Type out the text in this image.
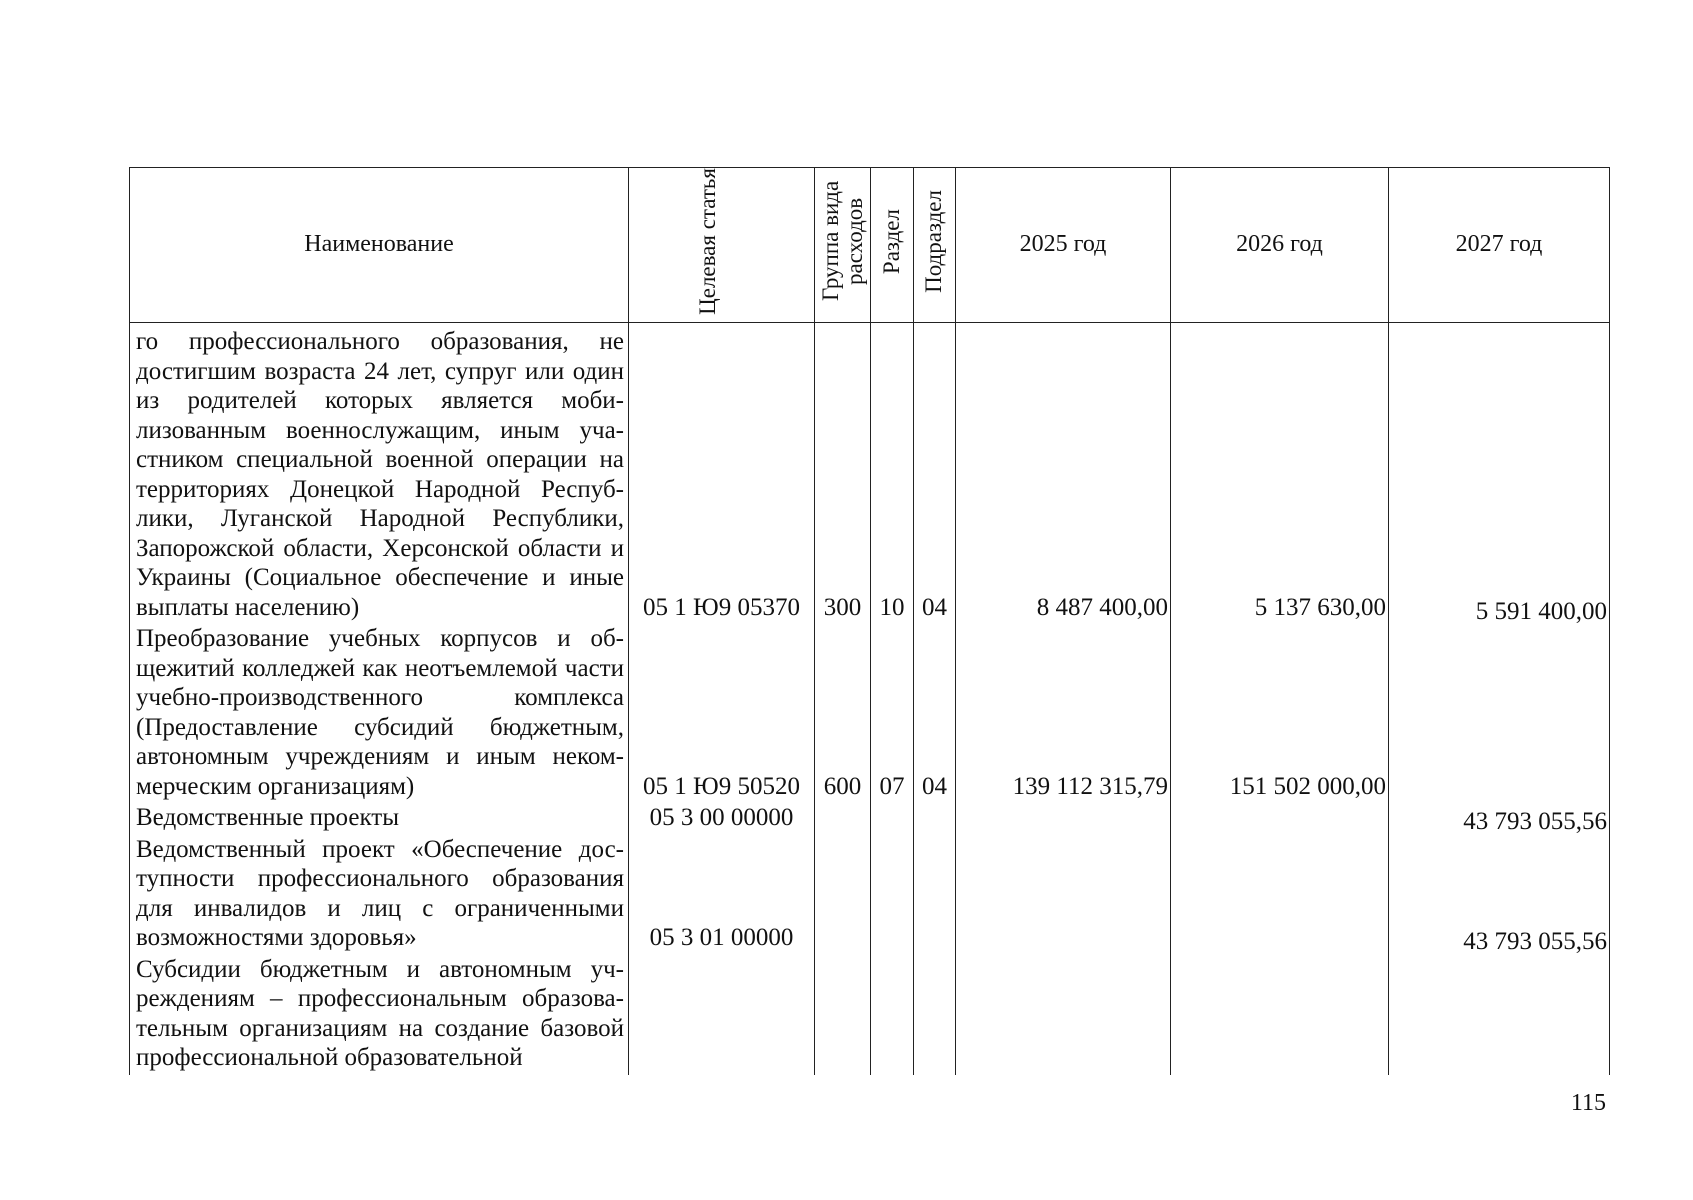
Наименование	Целевая статья	Группа вида расходов	Раздел	Подраздел	2025 год	2026 год	2027 год
го профессионального образования, не достигшим возраста 24 лет, супруг или один из родителей которых является мобилизованным военнослужащим, иным участником специальной военной операции на территориях Донецкой Народной Республики, Луганской Народной Республики, Запорожской области, Херсонской области и Украины (Социальное обеспечение и иные выплаты населению)	05 1 Ю9 05370	300	10	04	8 487 400,00	5 137 630,00	5 591 400,00
Преобразование учебных корпусов и общежитий колледжей как неотъемлемой части учебно-производственного комплекса (Предоставление субсидий бюджетным, автономным учреждениям и иным некоммерческим организациям)	05 1 Ю9 50520	600	07	04	139 112 315,79	151 502 000,00	
Ведомственные проекты	05 3 00 00000						43 793 055,56
Ведомственный проект «Обеспечение доступности профессионального образования для инвалидов и лиц с ограниченными возможностями здоровья»	05 3 01 00000						43 793 055,56
Субсидии бюджетным и автономным учреждениям – профессиональным образовательным организациям на создание базовой профессиональной образовательной							
115
